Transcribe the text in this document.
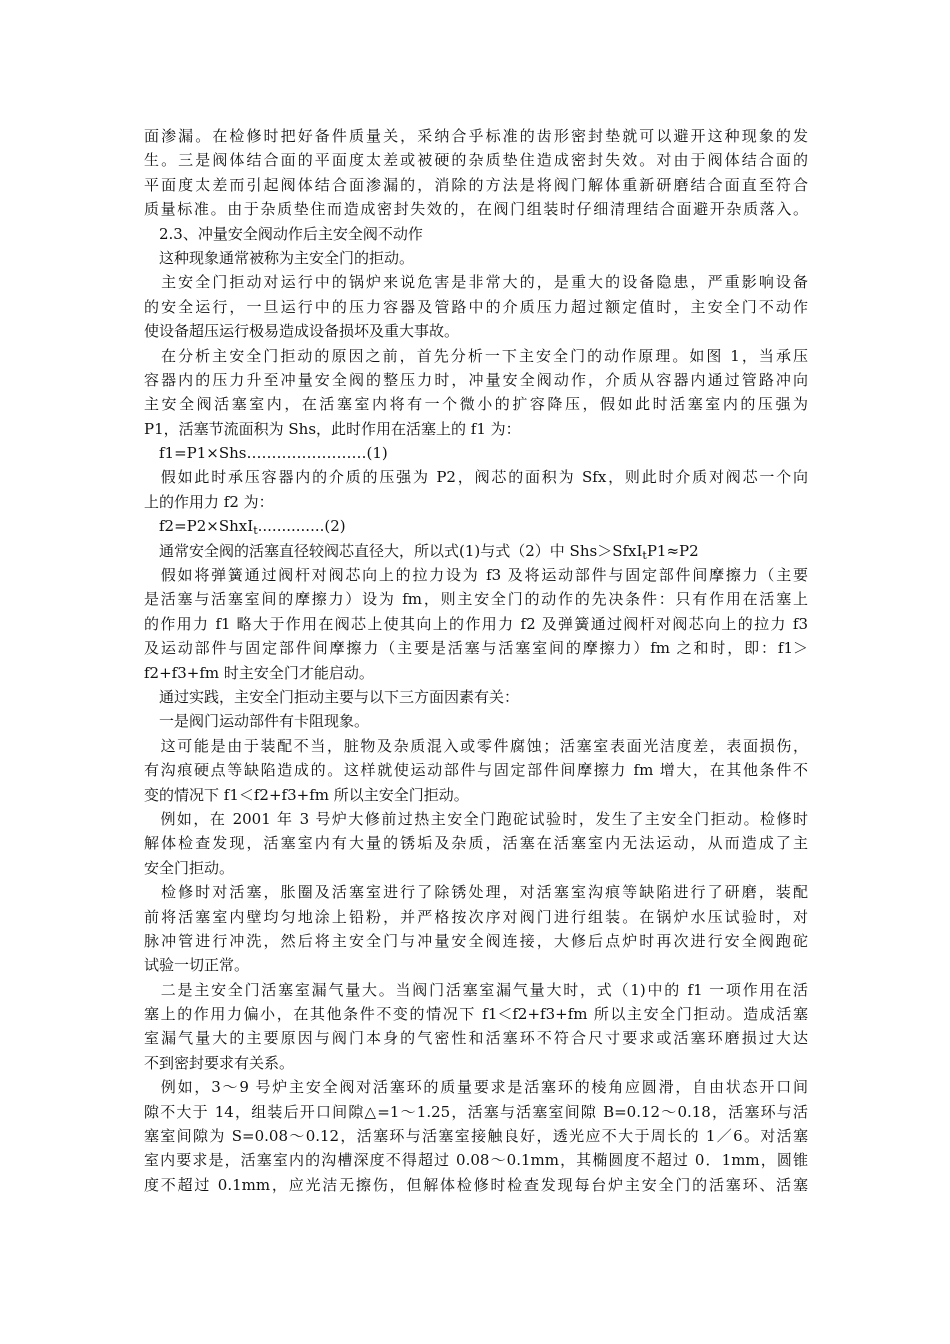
面渗漏。在检修时把好备件质量关，采纳合乎标准的齿形密封垫就可以避开这种现象的发
生。三是阀体结合面的平面度太差或被硬的杂质垫住造成密封失效。对由于阀体结合面的
平面度太差而引起阀体结合面渗漏的，消除的方法是将阀门解体重新研磨结合面直至符合
质量标准。由于杂质垫住而造成密封失效的，在阀门组装时仔细清理结合面避开杂质落入。
　2.3、冲量安全阀动作后主安全阀不动作
　这种现象通常被称为主安全门的拒动。
　主安全门拒动对运行中的锅炉来说危害是非常大的，是重大的设备隐患，严重影响设备
的安全运行，一旦运行中的压力容器及管路中的介质压力超过额定值时，主安全门不动作
使设备超压运行极易造成设备损坏及重大事故。
　在分析主安全门拒动的原因之前，首先分析一下主安全门的动作原理。如图 1，当承压
容器内的压力升至冲量安全阀的整压力时，冲量安全阀动作，介质从容器内通过管路冲向
主安全阀活塞室内，在活塞室内将有一个微小的扩容降压，假如此时活塞室内的压强为
P1，活塞节流面积为 Shs，此时作用在活塞上的 f1 为：
　f1=P1×Shs……………………(1)
　假如此时承压容器内的介质的压强为 P2，阀芯的面积为 Sfx，则此时介质对阀芯一个向
上的作用力 f2 为：
　f2=P2×ShxI$_t$..............(2)
　通常安全阀的活塞直径较阀芯直径大，所以式(1)与式（2）中 Shs＞SfxI$_t$P1≈P2
　假如将弹簧通过阀杆对阀芯向上的拉力设为 f3 及将运动部件与固定部件间摩擦力（主要
是活塞与活塞室间的摩擦力）设为 fm，则主安全门的动作的先决条件：只有作用在活塞上
的作用力 f1 略大于作用在阀芯上使其向上的作用力 f2 及弹簧通过阀杆对阀芯向上的拉力 f3
及运动部件与固定部件间摩擦力（主要是活塞与活塞室间的摩擦力）fm 之和时，即：f1＞
f2+f3+fm 时主安全门才能启动。
　通过实践，主安全门拒动主要与以下三方面因素有关：
　一是阀门运动部件有卡阻现象。
　这可能是由于装配不当，脏物及杂质混入或零件腐蚀；活塞室表面光洁度差，表面损伤，
有沟痕硬点等缺陷造成的。这样就使运动部件与固定部件间摩擦力 fm 增大，在其他条件不
变的情况下 f1＜f2+f3+fm 所以主安全门拒动。
　例如，在 2001 年 3 号炉大修前过热主安全门跑砣试验时，发生了主安全门拒动。检修时
解体检查发现，活塞室内有大量的锈垢及杂质，活塞在活塞室内无法运动，从而造成了主
安全门拒动。
　检修时对活塞，胀圈及活塞室进行了除锈处理，对活塞室沟痕等缺陷进行了研磨，装配
前将活塞室内壁均匀地涂上铅粉，并严格按次序对阀门进行组装。在锅炉水压试验时，对
脉冲管进行冲洗，然后将主安全门与冲量安全阀连接，大修后点炉时再次进行安全阀跑砣
试验一切正常。
　二是主安全门活塞室漏气量大。当阀门活塞室漏气量大时，式（1)中的 f1 一项作用在活
塞上的作用力偏小，在其他条件不变的情况下 f1＜f2+f3+fm 所以主安全门拒动。造成活塞
室漏气量大的主要原因与阀门本身的气密性和活塞环不符合尺寸要求或活塞环磨损过大达
不到密封要求有关系。
　例如，3～9 号炉主安全阀对活塞环的质量要求是活塞环的棱角应圆滑，自由状态开口间
隙不大于 14，组装后开口间隙△=1～1.25，活塞与活塞室间隙 B=0.12～0.18，活塞环与活
塞室间隙为 S=0.08～0.12，活塞环与活塞室接触良好，透光应不大于周长的 1／6。对活塞
室内要求是，活塞室内的沟槽深度不得超过 0.08～0.1mm，其椭圆度不超过 0．1mm，圆锥
度不超过 0.1mm，应光洁无擦伤，但解体检修时检查发现每台炉主安全门的活塞环、活塞
